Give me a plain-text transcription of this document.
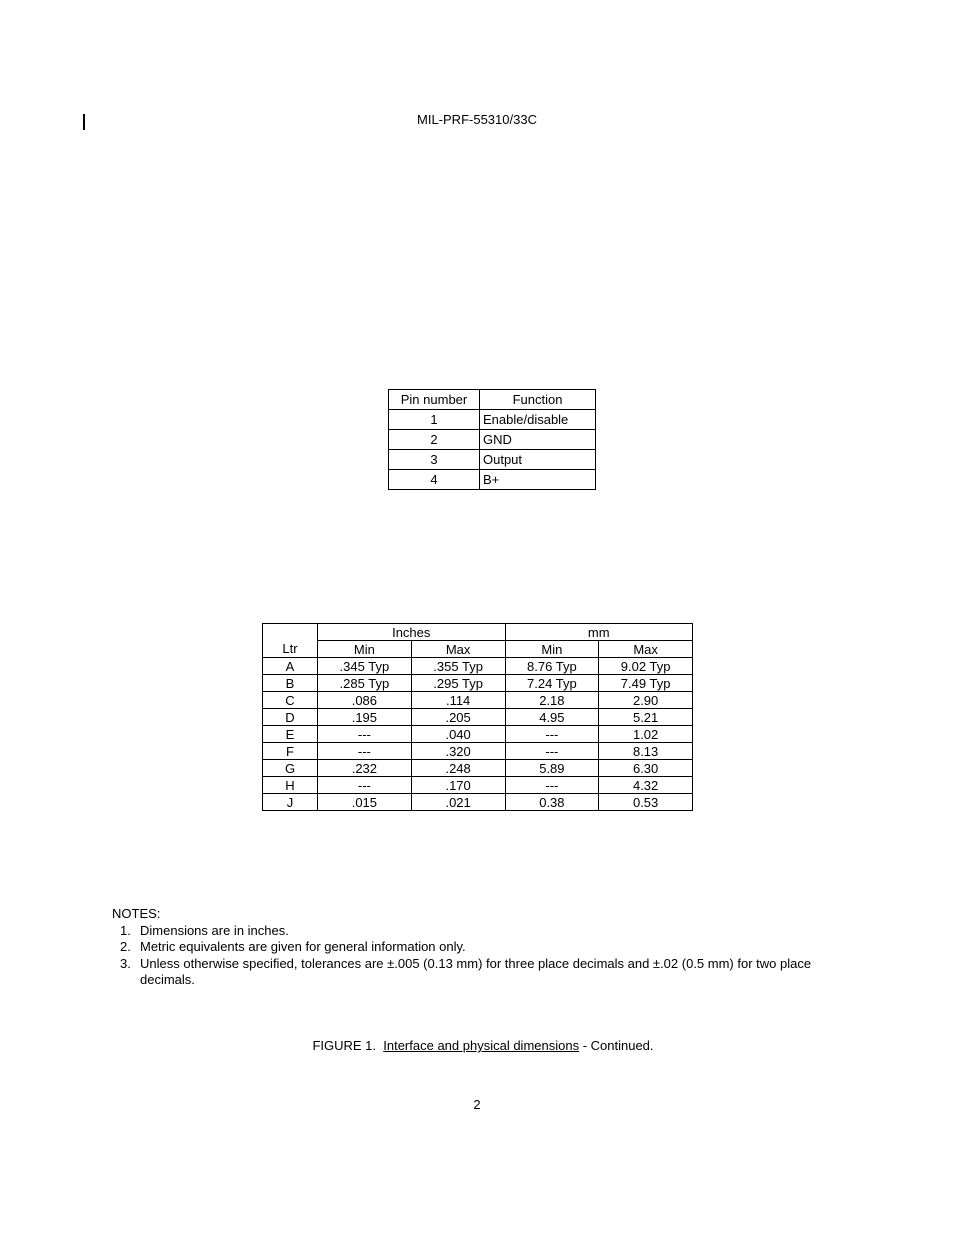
MIL-PRF-55310/33C
Pin number	Function
1	Enable/disable
2	GND
3	Output
4	B+
	Inches		mm	
Ltr	Min	Max	Min	Max
A	.345 Typ	.355 Typ	8.76 Typ	9.02 Typ
B	.285 Typ	.295 Typ	7.24 Typ	7.49 Typ
C	.086	.114	2.18	2.90
D	.195	.205	4.95	5.21
E	---	.040	---	1.02
F	---	.320	---	8.13
G	.232	.248	5.89	6.30
H	---	.170	---	4.32
J	.015	.021	0.38	0.53
NOTES:
1. Dimensions are in inches.
2. Metric equivalents are given for general information only.
3. Unless otherwise specified, tolerances are ±.005 (0.13 mm) for three place decimals and ±.02 (0.5 mm) for two place decimals.
FIGURE 1.  Interface and physical dimensions - Continued.
2
